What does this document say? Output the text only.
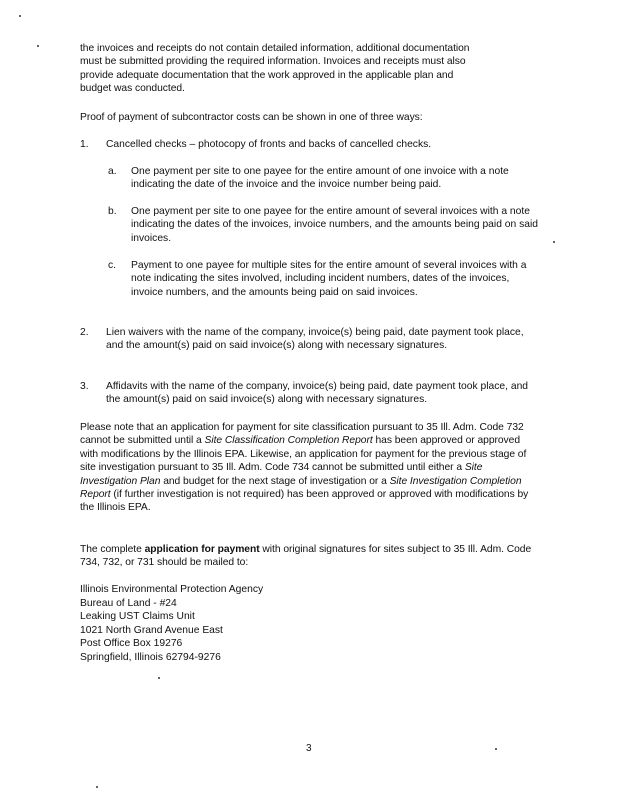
the invoices and receipts do not contain detailed information, additional documentation
must be submitted providing the required information. Invoices and receipts must also
provide adequate documentation that the work approved in the applicable plan and
budget was conducted.
Proof of payment of subcontractor costs can be shown in one of three ways:
1. Cancelled checks – photocopy of fronts and backs of cancelled checks.
a. One payment per site to one payee for the entire amount of one invoice with a note indicating the date of the invoice and the invoice number being paid.
b. One payment per site to one payee for the entire amount of several invoices with a note indicating the dates of the invoices, invoice numbers, and the amounts being paid on said invoices.
c. Payment to one payee for multiple sites for the entire amount of several invoices with a note indicating the sites involved, including incident numbers, dates of the invoices, invoice numbers, and the amounts being paid on said invoices.
2. Lien waivers with the name of the company, invoice(s) being paid, date payment took place, and the amount(s) paid on said invoice(s) along with necessary signatures.
3. Affidavits with the name of the company, invoice(s) being paid, date payment took place, and the amount(s) paid on said invoice(s) along with necessary signatures.
Please note that an application for payment for site classification pursuant to 35 Ill. Adm. Code 732 cannot be submitted until a Site Classification Completion Report has been approved or approved with modifications by the Illinois EPA. Likewise, an application for payment for the previous stage of site investigation pursuant to 35 Ill. Adm. Code 734 cannot be submitted until either a Site Investigation Plan and budget for the next stage of investigation or a Site Investigation Completion Report (if further investigation is not required) has been approved or approved with modifications by the Illinois EPA.
The complete application for payment with original signatures for sites subject to 35 Ill. Adm. Code 734, 732, or 731 should be mailed to:
Illinois Environmental Protection Agency
Bureau of Land - #24
Leaking UST Claims Unit
1021 North Grand Avenue East
Post Office Box 19276
Springfield, Illinois 62794-9276
3
